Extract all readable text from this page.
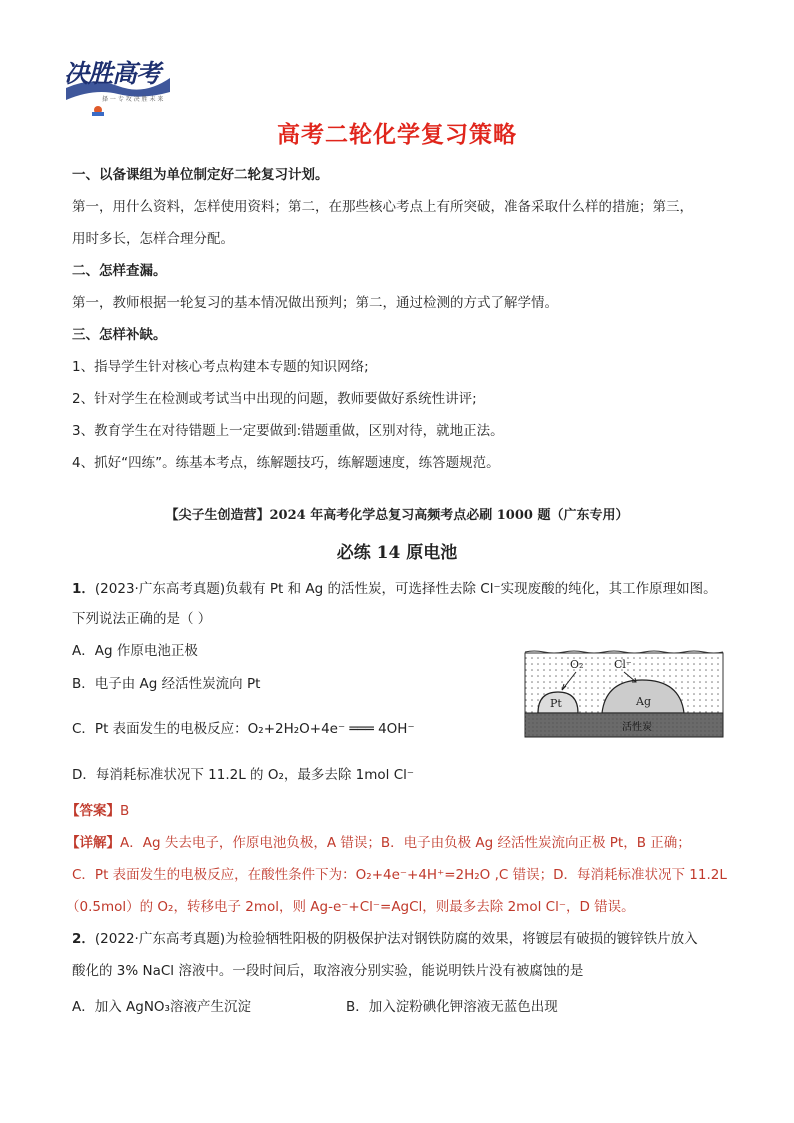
决胜高考
择 一 专 攻 决 胜 未 来
高考二轮化学复习策略
一、以备课组为单位制定好二轮复习计划。
第一，用什么资料，怎样使用资料；第二，在那些核心考点上有所突破，准备采取什么样的措施；第三，
用时多长，怎样合理分配。
二、怎样查漏。
第一，教师根据一轮复习的基本情况做出预判；第二，通过检测的方式了解学情。
三、怎样补缺。
1、指导学生针对核心考点构建本专题的知识网络;
2、针对学生在检测或考试当中出现的问题，教师要做好系统性讲评;
3、教育学生在对待错题上一定要做到:错题重做，区别对待，就地正法。
4、抓好“四练”。练基本考点，练解题技巧，练解题速度，练答题规范。
【尖子生创造营】2024 年高考化学总复习高频考点必刷 1000 题（广东专用）
必练 14 原电池
1．(2023·广东高考真题)负载有 Pt 和 Ag 的活性炭，可选择性去除 Cl⁻实现废酸的纯化，其工作原理如图。
下列说法正确的是（ ）
A．Ag 作原电池正极
B．电子由 Ag 经活性炭流向 Pt
C．Pt 表面发生的电极反应：O₂+2H₂O+4e⁻ ═══ 4OH⁻
D．每消耗标准状况下 11.2L 的 O₂，最多去除 1mol Cl⁻
O₂	Cl⁻
Pt	Ag
活性炭
【答案】B
【详解】A．Ag 失去电子，作原电池负极，A 错误；B．电子由负极 Ag 经活性炭流向正极 Pt，B 正确；
C．Pt 表面发生的电极反应，在酸性条件下为：O₂+4e⁻+4H⁺=2H₂O ,C 错误；D．每消耗标准状况下 11.2L
（0.5mol）的 O₂，转移电子 2mol，则 Ag-e⁻+Cl⁻=AgCl，则最多去除 2mol Cl⁻，D 错误。
2．(2022·广东高考真题)为检验牺牲阳极的阴极保护法对钢铁防腐的效果，将镀层有破损的镀锌铁片放入
酸化的 3% NaCl 溶液中。一段时间后，取溶液分别实验，能说明铁片没有被腐蚀的是
A．加入 AgNO₃溶液产生沉淀	B．加入淀粉碘化钾溶液无蓝色出现
